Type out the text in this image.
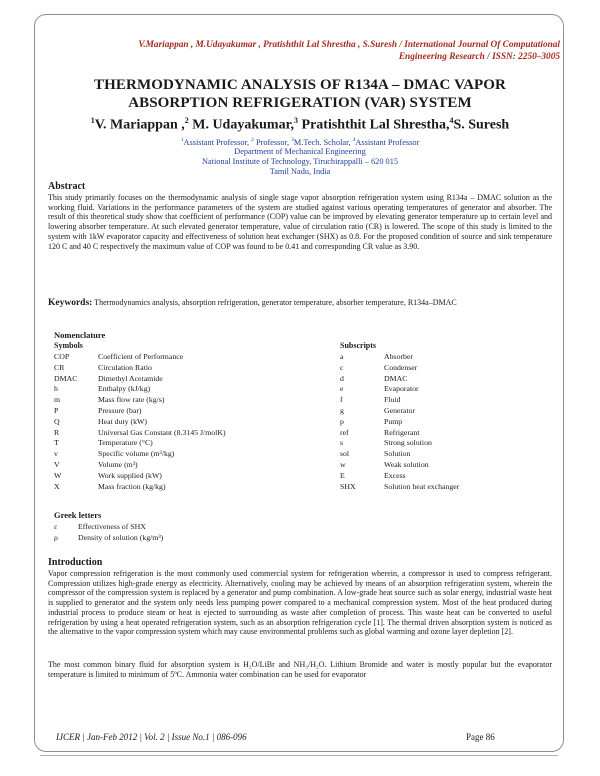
V.Mariappan , M.Udayakumar , Pratishthit Lal Shrestha , S.Suresh / International Journal Of Computational
Engineering Research / ISSN: 2250–3005
THERMODYNAMIC ANALYSIS OF R134A – DMAC VAPOR
ABSORPTION REFRIGERATION (VAR) SYSTEM
$^1$V. Mariappan ,$^2$ M. Udayakumar,$^3$ Pratishthit Lal Shrestha,$^4$S. Suresh
$^1$Assistant Professor, $^2$ Professor, $^3$M.Tech. Scholar, $^4$Assistant Professor
Department of Mechanical Engineering
National Institute of Technology, Tiruchirappalli – 620 015
Tamil Nadu, India
Abstract

This study primarily focuses on the thermodynamic analysis of single stage vapor absorption refrigeration system using R134a – DMAC solution as the working fluid. Variations in the performance parameters of the system are studied against various operating temperatures of generator and absorber. The result of this theoretical study show that coefficient of performance (COP) value can be improved by elevating generator temperature up to certain level and lowering absorber temperature. At such elevated generator temperature, value of circulation ratio (CR) is lowered. The scope of this study is limited to the system with 1kW evaporator capacity and effectiveness of solution heat exchanger (SHX) as 0.8. For the proposed condition of source and sink temperature 120 C and 40 C respectively the maximum value of COP was found to be 0.41 and corresponding CR value as 3.90.

Keywords: Thermodynamics analysis, absorption refrigeration, generator temperature, absorber temperature, R134a–DMAC
Nomenclature
Symbols	Subscripts
COP	Coefficient of Performance
CR	Circulation Ratio
DMAC	Dimethyl Acetamide
h	Enthalpy (kJ/kg)
m	Mass flow rate (kg/s)
P	Pressure (bar)
Q	Heat duty (kW)
R	Universal Gas Constant (8.3145 J/molK)
T	Temperature (°C)
v	Specific volume (m³/kg)
V	Volume (m³)
W	Work supplied (kW)
X	Mass fraction (kg/kg)
a	Absorber
c	Condenser
d	DMAC
e	Evaporator
f	Fluid
g	Generator
p	Pump
ref	Refrigerant
s	Strong solution
sol	Solution
w	Weak solution
E	Excess
SHX	Solution heat exchanger
Greek letters
ε	Effectiveness of SHX
ρ	Density of solution (kg/m³)
Introduction

Vapor compression refrigeration is the most commonly used commercial system for refrigeration wherein, a compressor is used to compress refrigerant. Compression utilizes high-grade energy as electricity. Alternatively, cooling may be achieved by means of an absorption refrigeration system, wherein the compressor of the compression system is replaced by a generator and pump combination. A low-grade heat source such as solar energy, industrial waste heat is supplied to generator and the system only needs less pumping power compared to a mechanical compression system. Most of the heat produced during industrial process to produce steam or heat is ejected to surrounding as waste after completion of process. This waste heat can be converted to useful refrigeration by using a heat operated refrigeration system, such as an absorption refrigeration cycle [1]. The thermal driven absorption system is noticed as the alternative to the vapor compression system which may cause environmental problems such as global warming and ozone layer depletion [2].

The most common binary fluid for absorption system is H₂O/LiBr and NH₃/H₂O. Lithium Bromide and water is mostly popular but the evaporator temperature is limited to minimum of 5ºC. Ammonia water combination can be used for evaporator

IJCER | Jan-Feb 2012 | Vol. 2 | Issue No.1 | 086-096	Page 86
